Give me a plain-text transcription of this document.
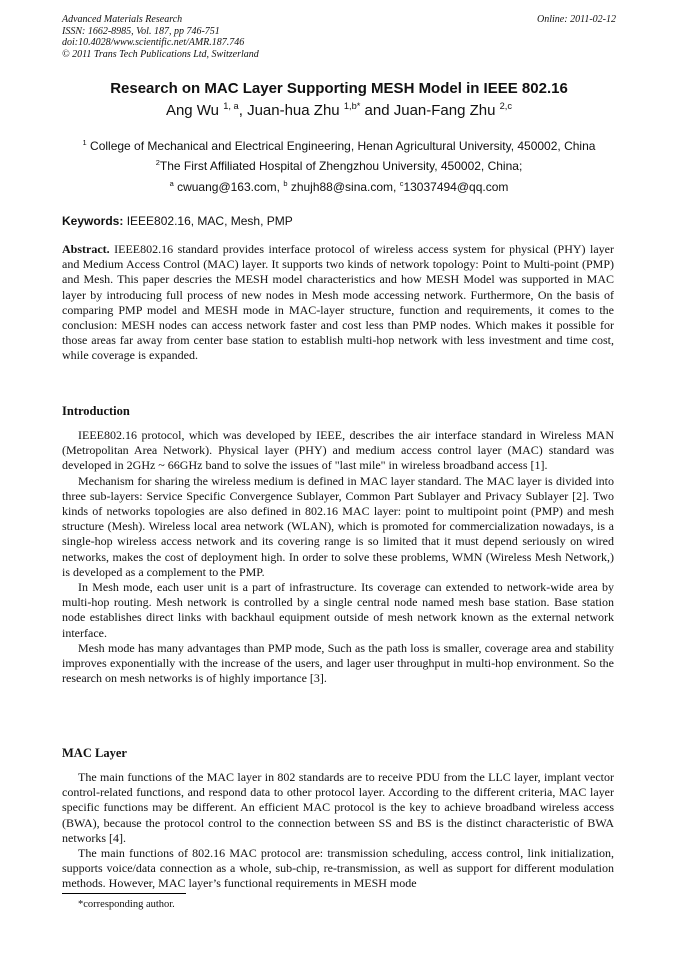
Advanced Materials Research
ISSN: 1662-8985, Vol. 187, pp 746-751
doi:10.4028/www.scientific.net/AMR.187.746
© 2011 Trans Tech Publications Ltd, Switzerland
Online: 2011-02-12
Research on MAC Layer Supporting MESH Model in IEEE 802.16
Ang Wu $^{1, a}$, Juan-hua Zhu $^{1,b*}$ and Juan-Fang Zhu $^{2,c}$
$^1$ College of Mechanical and Electrical Engineering, Henan Agricultural University, 450002, China
$^2$The First Affiliated Hospital of Zhengzhou University, 450002, China;
$^a$ cwuang@163.com, $^b$ zhujh88@sina.com, $^c$13037494@qq.com
Keywords: IEEE802.16, MAC, Mesh, PMP

Abstract. IEEE802.16 standard provides interface protocol of wireless access system for physical (PHY) layer and Medium Access Control (MAC) layer. It supports two kinds of network topology: Point to Multi-point (PMP) and Mesh. This paper descries the MESH model characteristics and how MESH Model was supported in MAC layer by introducing full process of new nodes in Mesh mode accessing network. Furthermore, On the basis of comparing PMP model and MESH mode in MAC-layer structure, function and requirements, it comes to the conclusion: MESH nodes can access network faster and cost less than PMP nodes. Which makes it possible for those areas far away from center base station to establish multi-hop network with less investment and time cost, while coverage is expanded.

Introduction

IEEE802.16 protocol, which was developed by IEEE, describes the air interface standard in Wireless MAN (Metropolitan Area Network). Physical layer (PHY) and medium access control layer (MAC) standard was developed in 2GHz ~ 66GHz band to solve the issues of "last mile" in wireless broadband access [1].

Mechanism for sharing the wireless medium is defined in MAC layer standard. The MAC layer is divided into three sub-layers: Service Specific Convergence Sublayer, Common Part Sublayer and Privacy Sublayer [2]. Two kinds of networks topologies are also defined in 802.16 MAC layer: point to multipoint point (PMP) and mesh structure (Mesh). Wireless local area network (WLAN), which is promoted for commercialization nowadays, is a single-hop wireless access network and its covering range is so limited that it must depend seriously on wired networks, makes the cost of deployment high. In order to solve these problems, WMN (Wireless Mesh Network,) is developed as a complement to the PMP.

In Mesh mode, each user unit is a part of infrastructure. Its coverage can extended to network-wide area by multi-hop routing. Mesh network is controlled by a single central node named mesh base station. Base station node establishes direct links with backhaul equipment outside of mesh network known as the external network interface.

Mesh mode has many advantages than PMP mode, Such as the path loss is smaller, coverage area and stability improves exponentially with the increase of the users, and lager user throughput in multi-hop environment. So the research on mesh networks is of highly importance [3].

MAC Layer

The main functions of the MAC layer in 802 standards are to receive PDU from the LLC layer, implant vector control-related functions, and respond data to other protocol layer. According to the different criteria, MAC layer specific functions may be different. An efficient MAC protocol is the key to achieve broadband wireless access (BWA), because the protocol control to the connection between SS and BS is the distinct characteristic of BWA networks [4].

The main functions of 802.16 MAC protocol are: transmission scheduling, access control, link initialization, supports voice/data connection as a whole, sub-chip, re-transmission, as well as support for different modulation methods. However, MAC layer’s functional requirements in MESH mode

*corresponding author.
